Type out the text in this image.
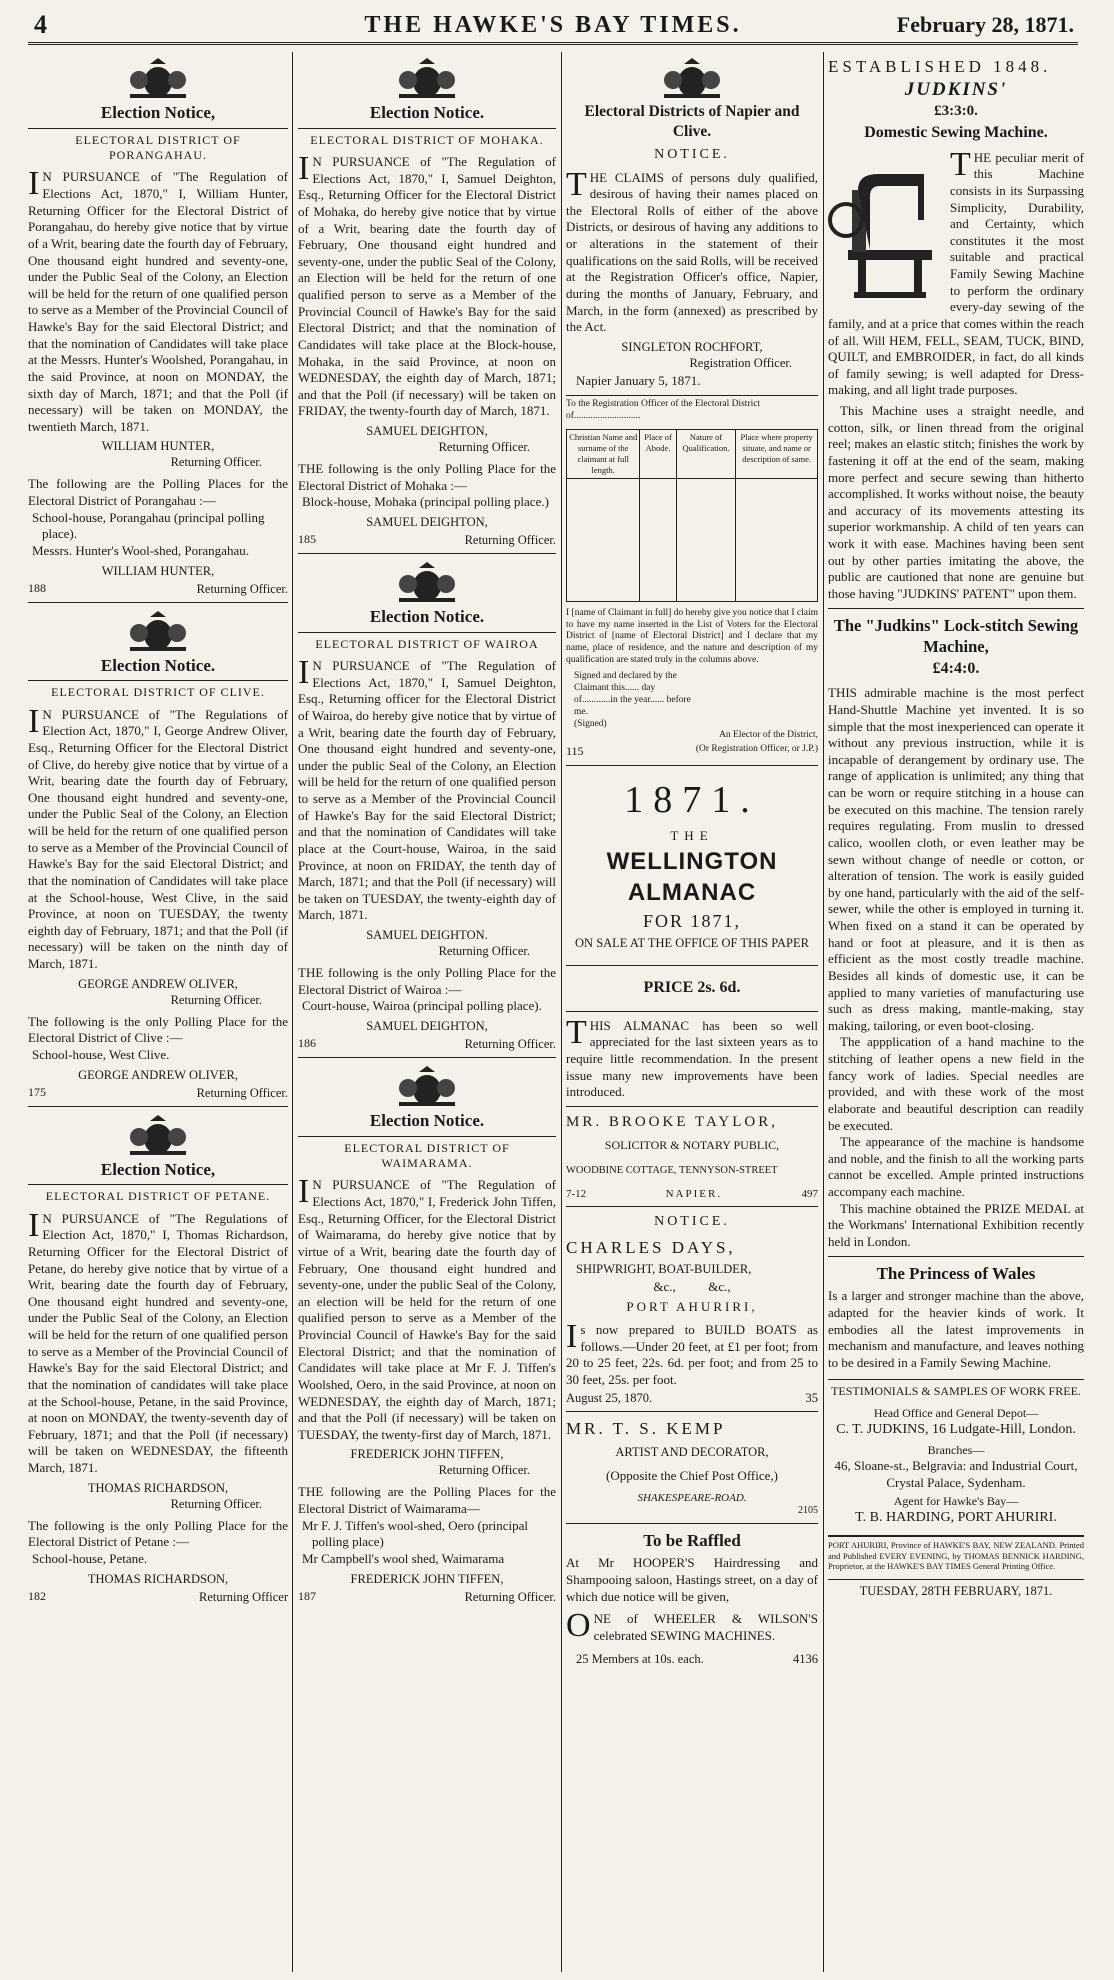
4	THE HAWKE'S BAY TIMES.	February 28, 1871.

Election Notice,

ELECTORAL DISTRICT OF PORANGAHAU.

IN PURSUANCE of "The Regulation of Elections Act, 1870," I, William Hunter, Returning Officer for the Electoral District of Porangahau, do hereby give notice that by virtue of a Writ, bearing date the fourth day of February, One thousand eight hundred and seventy-one, under the Public Seal of the Colony, an Election will be held for the return of one qualified person to serve as a Member of the Provincial Council of Hawke's Bay for the said Electoral District; and that the nomination of Candidates will take place at the Messrs. Hunter's Woolshed, Porangahau, in the said Province, at noon on MONDAY, the sixth day of March, 1871; and that the Poll (if necessary) will be taken on MONDAY, the twentieth March, 1871.

WILLIAM HUNTER,

Returning Officer.

The following are the Polling Places for the Electoral District of Porangahau :—

School-house, Porangahau (principal polling place).

Messrs. Hunter's Wool-shed, Porangahau.

WILLIAM HUNTER,

188	Returning Officer.

Election Notice.

ELECTORAL DISTRICT OF CLIVE.

IN PURSUANCE of "The Regulations of Election Act, 1870," I, George Andrew Oliver, Esq., Returning Officer for the Electoral District of Clive, do hereby give notice that by virtue of a Writ, bearing date the fourth day of February, One thousand eight hundred and seventy-one, under the Public Seal of the Colony, an Election will be held for the return of one qualified person to serve as a Member of the Provincial Council of Hawke's Bay for the said Electoral District; and that the nomination of Candidates will take place at the School-house, West Clive, in the said Province, at noon on TUESDAY, the twenty eighth day of February, 1871; and that the Poll (if necessary) will be taken on the ninth day of March, 1871.

GEORGE ANDREW OLIVER,

Returning Officer.

The following is the only Polling Place for the Electoral District of Clive :—

School-house, West Clive.

GEORGE ANDREW OLIVER,

175	Returning Officer.

Election Notice,

ELECTORAL DISTRICT OF PETANE.

IN PURSUANCE of "The Regulations of Election Act, 1870," I, Thomas Richardson, Returning Officer for the Electoral District of Petane, do hereby give notice that by virtue of a Writ, bearing date the fourth day of February, One thousand eight hundred and seventy-one, under the Public Seal of the Colony, an Election will be held for the return of one qualified person to serve as a Member of the Provincial Council of Hawke's Bay for the said Electoral District; and that the nomination of candidates will take place at the School-house, Petane, in the said Province, at noon on MONDAY, the twenty-seventh day of February, 1871; and that the Poll (if necessary) will be taken on WEDNESDAY, the fifteenth March, 1871.

THOMAS RICHARDSON,

Returning Officer.

The following is the only Polling Place for the Electoral District of Petane :—

School-house, Petane.

THOMAS RICHARDSON,

182	Returning Officer

Election Notice.

ELECTORAL DISTRICT OF MOHAKA.

IN PURSUANCE of "The Regulation of Elections Act, 1870," I, Samuel Deighton, Esq., Returning Officer for the Electoral District of Mohaka, do hereby give notice that by virtue of a Writ, bearing date the fourth day of February, One thousand eight hundred and seventy-one, under the public Seal of the Colony, an Election will be held for the return of one qualified person to serve as a Member of the Provincial Council of Hawke's Bay for the said Electoral District; and that the nomination of Candidates will take place at the Block-house, Mohaka, in the said Province, at noon on WEDNESDAY, the eighth day of March, 1871; and that the Poll (if necessary) will be taken on FRIDAY, the twenty-fourth day of March, 1871.

SAMUEL DEIGHTON,

Returning Officer.

THE following is the only Polling Place for the Electoral District of Mohaka :—

Block-house, Mohaka (principal polling place.)

SAMUEL DEIGHTON,

185	Returning Officer.

Election Notice.

ELECTORAL DISTRICT OF WAIROA

IN PURSUANCE of "The Regulation of Elections Act, 1870," I, Samuel Deighton, Esq., Returning officer for the Electoral District of Wairoa, do hereby give notice that by virtue of a Writ, bearing date the fourth day of February, One thousand eight hundred and seventy-one, under the public Seal of the Colony, an Election will be held for the return of one qualified person to serve as a Member of the Provincial Council of Hawke's Bay for the said Electoral District; and that the nomination of Candidates will take place at the Court-house, Wairoa, in the said Province, at noon on FRIDAY, the tenth day of March, 1871; and that the Poll (if necessary) will be taken on TUESDAY, the twenty-eighth day of March, 1871.

SAMUEL DEIGHTON.

Returning Officer.

THE following is the only Polling Place for the Electoral District of Wairoa :—

Court-house, Wairoa (principal polling place).

SAMUEL DEIGHTON,

186	Returning Officer.

Election Notice.

ELECTORAL DISTRICT OF WAIMARAMA.

IN PURSUANCE of "The Regulation of Elections Act, 1870," I, Frederick John Tiffen, Esq., Returning Officer, for the Electoral District of Waimarama, do hereby give notice that by virtue of a Writ, bearing date the fourth day of February, One thousand eight hundred and seventy-one, under the public Seal of the Colony, an election will be held for the return of one qualified person to serve as a Member of the Provincial Council of Hawke's Bay for the said Electoral District; and that the nomination of Candidates will take place at Mr F. J. Tiffen's Woolshed, Oero, in the said Province, at noon on WEDNESDAY, the eighth day of March, 1871; and that the Poll (if necessary) will be taken on TUESDAY, the twenty-first day of March, 1871.

FREDERICK JOHN TIFFEN,

Returning Officer.

THE following are the Polling Places for the Electoral District of Waimarama—

Mr F. J. Tiffen's wool-shed, Oero (principal polling place)

Mr Campbell's wool shed, Waimarama

FREDERICK JOHN TIFFEN,

187	Returning Officer.

Electoral Districts of Napier and Clive.

NOTICE.

THE CLAIMS of persons duly qualified, desirous of having their names placed on the Electoral Rolls of either of the above Districts, or desirous of having any additions to or alterations in the statement of their qualifications on the said Rolls, will be received at the Registration Officer's office, Napier, during the months of January, February, and March, in the form (annexed) as prescribed by the Act.

SINGLETON ROCHFORT,

Registration Officer.

Napier January 5, 1871.

To the Registration Officer of the Electoral District of............................

Christian Name and surname of the claimant at full length.	Place of Abode.	Nature of Qualification.	Place where property situate, and name or description of same.

I [name of Claimant in full] do hereby give you notice that I claim to have my name inserted in the List of Voters for the Electoral District of [name of Electoral District] and I declare that my name, place of residence, and the nature and description of my qualification are stated truly in the columns above.

Signed and declared by the Claimant this...... day of............in the year...... before me.

(Signed)

An Elector of the District,

115	(Or Registration Officer, or J.P.)

1871.

THE

WELLINGTON ALMANAC

FOR 1871,

ON SALE AT THE OFFICE OF THIS PAPER

PRICE 2s. 6d.

THIS ALMANAC has been so well appreciated for the last sixteen years as to require little recommendation. In the present issue many new improvements have been introduced.

MR. BROOKE TAYLOR,

SOLICITOR & NOTARY PUBLIC,

WOODBINE COTTAGE, TENNYSON-STREET

7-12	NAPIER.	497

NOTICE.

CHARLES DAYS,

SHIPWRIGHT, BOAT-BUILDER,

&c.,          &c.,

PORT AHURIRI,

Is now prepared to BUILD BOATS as follows.—Under 20 feet, at £1 per foot; from 20 to 25 feet, 22s. 6d. per foot; and from 25 to 30 feet, 25s. per foot.

August 25, 1870.	35

MR. T. S. KEMP

ARTIST AND DECORATOR,

(Opposite the Chief Post Office,)

SHAKESPEARE-ROAD.

2105

To be Raffled

At Mr HOOPER'S Hairdressing and Shampooing saloon, Hastings street, on a day of which due notice will be given,

ONE of WHEELER & WILSON'S celebrated SEWING MACHINES.

25 Members at 10s. each.	4136

ESTABLISHED 1848.

JUDKINS'

£3:3:0.

Domestic Sewing Machine.

THE peculiar merit of this Machine consists in its Surpassing Simplicity, Durability, and Certainty, which constitutes it the most suitable and practical Family Sewing Machine to perform the ordinary every-day sewing of the family, and at a price that comes within the reach of all. Will HEM, FELL, SEAM, TUCK, BIND, QUILT, and EMBROIDER, in fact, do all kinds of family sewing; is well adapted for Dress-making, and all light trade purposes.

This Machine uses a straight needle, and cotton, silk, or linen thread from the original reel; makes an elastic stitch; finishes the work by fastening it off at the end of the seam, making more perfect and secure sewing than hitherto accomplished. It works without noise, the beauty and accuracy of its movements attesting its superior workmanship. A child of ten years can work it with ease. Machines having been sent out by other parties imitating the above, the public are cautioned that none are genuine but those having "JUDKINS' PATENT" upon them.

The "Judkins" Lock-stitch Sewing Machine,

£4:4:0.

THIS admirable machine is the most perfect Hand-Shuttle Machine yet invented. It is so simple that the most inexperienced can operate it without any previous instruction, while it is incapable of derangement by ordinary use. The range of application is unlimited; any thing that can be worn or require stitching in a house can be executed on this machine. The tension rarely requires regulating. From muslin to dressed calico, woollen cloth, or even leather may be sewn without change of needle or cotton, or alteration of tension. The work is easily guided by one hand, particularly with the aid of the self-sewer, while the other is employed in turning it. When fixed on a stand it can be operated by hand or foot at pleasure, and it is then as efficient as the most costly treadle machine. Besides all kinds of domestic use, it can be applied to many varieties of manufacturing use such as dress making, mantle-making, stay making, tailoring, or even boot-closing.

The appplication of a hand machine to the stitching of leather opens a new field in the fancy work of ladies. Special needles are provided, and with these work of the most elaborate and beautiful description can readily be executed.

The appearance of the machine is handsome and noble, and the finish to all the working parts cannot be excelled. Ample printed instructions accompany each machine.

This machine obtained the PRIZE MEDAL at the Workmans' International Exhibition recently held in London.

The Princess of Wales

Is a larger and stronger machine than the above, adapted for the heavier kinds of work. It embodies all the latest improvements in mechanism and manufacture, and leaves nothing to be desired in a Family Sewing Machine.

TESTIMONIALS & SAMPLES OF WORK FREE.

Head Office and General Depot—

C. T. JUDKINS, 16 Ludgate-Hill, London.

Branches—

46, Sloane-st., Belgravia: and Industrial Court, Crystal Palace, Sydenham.

Agent for Hawke's Bay—

T. B. HARDING, PORT AHURIRI.

PORT AHURIRI, Province of HAWKE'S BAY, NEW ZEALAND. Printed and Published EVERY EVENING, by THOMAS BENNICK HARDING, Proprietor, at the HAWKE'S BAY TIMES General Printing Office.

TUESDAY, 28TH FEBRUARY, 1871.
